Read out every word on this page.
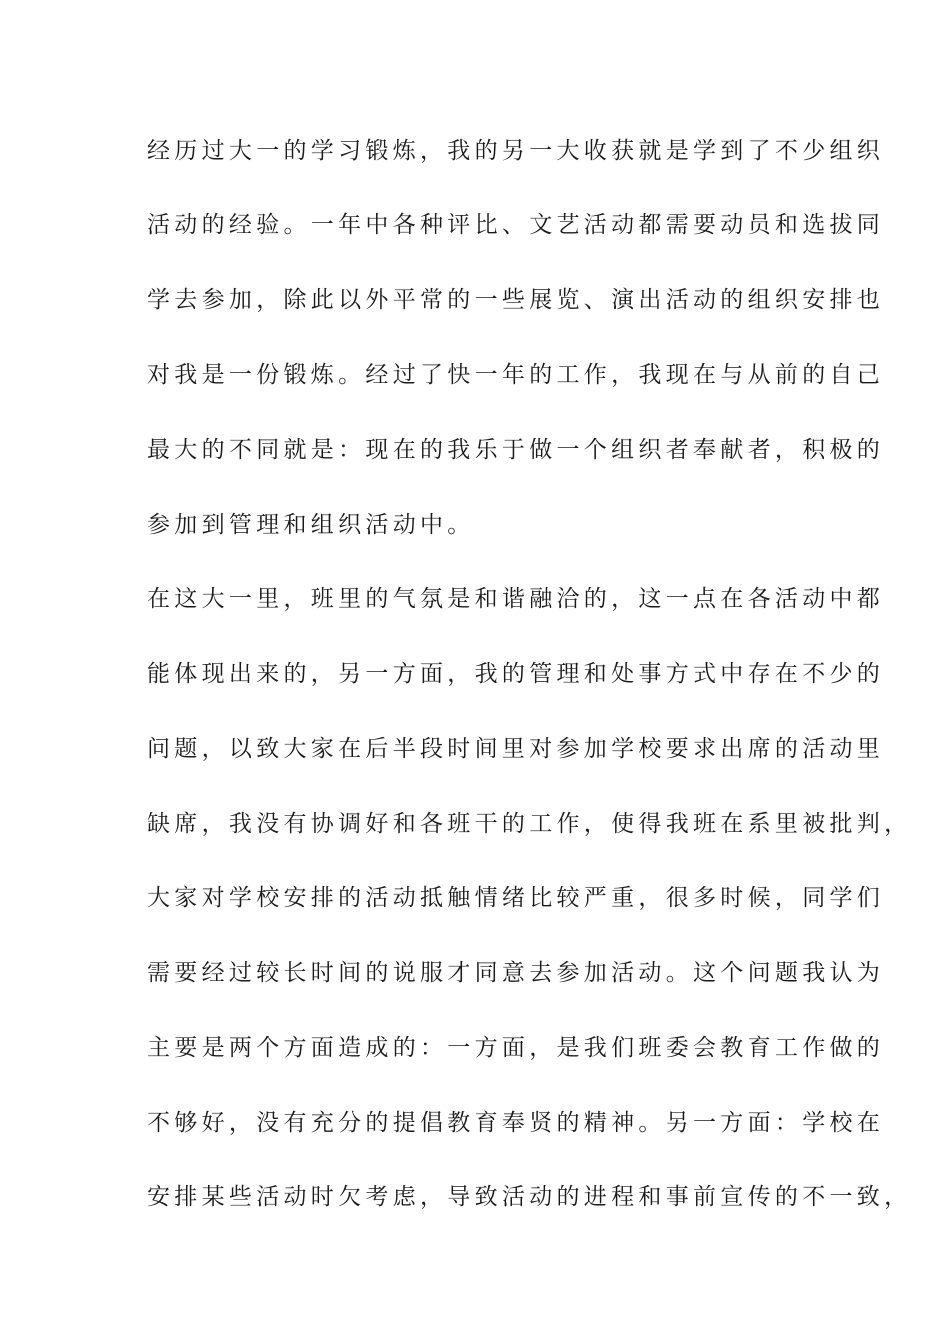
经历过大一的学习锻炼，我的另一大收获就是学到了不少组织
活动的经验。一年中各种评比、文艺活动都需要动员和选拔同
学去参加，除此以外平常的一些展览、演出活动的组织安排也
对我是一份锻炼。经过了快一年的工作，我现在与从前的自己
最大的不同就是：现在的我乐于做一个组织者奉献者，积极的
参加到管理和组织活动中。
在这大一里，班里的气氛是和谐融洽的，这一点在各活动中都
能体现出来的，另一方面，我的管理和处事方式中存在不少的
问题，以致大家在后半段时间里对参加学校要求出席的活动里
缺席，我没有协调好和各班干的工作，使得我班在系里被批判，
大家对学校安排的活动抵触情绪比较严重，很多时候，同学们
需要经过较长时间的说服才同意去参加活动。这个问题我认为
主要是两个方面造成的：一方面，是我们班委会教育工作做的
不够好，没有充分的提倡教育奉贤的精神。另一方面：学校在
安排某些活动时欠考虑，导致活动的进程和事前宣传的不一致，
